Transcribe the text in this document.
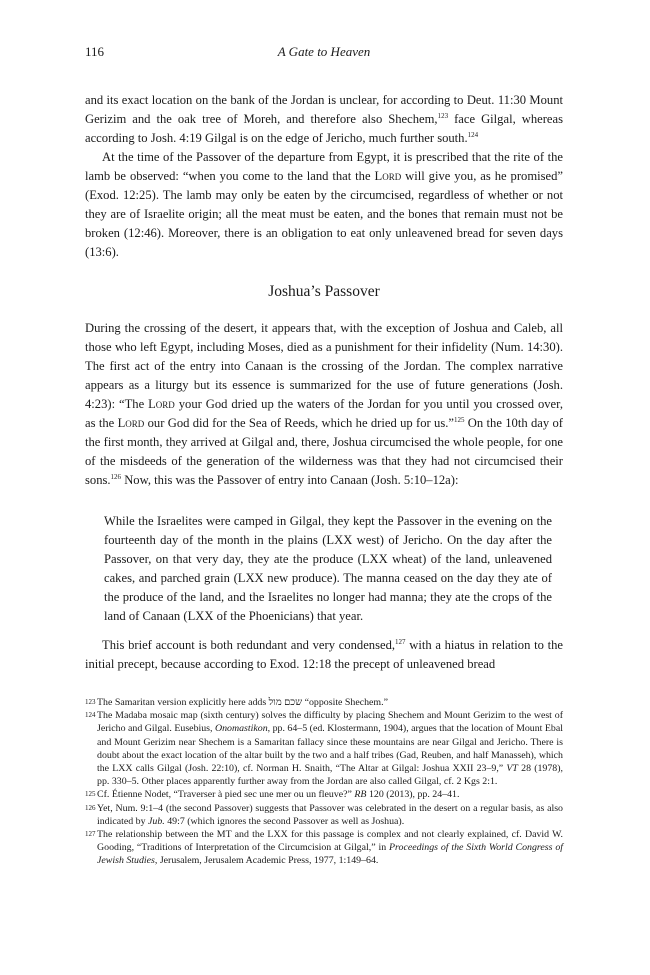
116	A Gate to Heaven

and its exact location on the bank of the Jordan is unclear, for according to Deut. 11:30 Mount Gerizim and the oak tree of Moreh, and therefore also Shechem,$^{123}$ face Gilgal, whereas according to Josh. 4:19 Gilgal is on the edge of Jericho, much further south.$^{124}$

At the time of the Passover of the departure from Egypt, it is prescribed that the rite of the lamb be observed: “when you come to the land that the Lord will give you, as he promised” (Exod. 12:25). The lamb may only be eaten by the circumcised, regardless of whether or not they are of Israelite origin; all the meat must be eaten, and the bones that remain must not be broken (12:46). Moreover, there is an obligation to eat only unleavened bread for seven days (13:6).

Joshua’s Passover

During the crossing of the desert, it appears that, with the exception of Joshua and Caleb, all those who left Egypt, including Moses, died as a punishment for their infidelity (Num. 14:30). The first act of the entry into Canaan is the crossing of the Jordan. The complex narrative appears as a liturgy but its essence is summarized for the use of future generations (Josh. 4:23): “The Lord your God dried up the waters of the Jordan for you until you crossed over, as the Lord our God did for the Sea of Reeds, which he dried up for us.”$^{125}$ On the 10th day of the first month, they arrived at Gilgal and, there, Joshua circumcised the whole people, for one of the misdeeds of the generation of the wilderness was that they had not circumcised their sons.$^{126}$ Now, this was the Passover of entry into Canaan (Josh. 5:10–12a):

While the Israelites were camped in Gilgal, they kept the Passover in the evening on the fourteenth day of the month in the plains (LXX west) of Jericho. On the day after the Passover, on that very day, they ate the produce (LXX wheat) of the land, unleavened cakes, and parched grain (LXX new produce). The manna ceased on the day they ate of the produce of the land, and the Israelites no longer had manna; they ate the crops of the land of Canaan (LXX of the Phoenicians) that year.

This brief account is both redundant and very condensed,$^{127}$ with a hiatus in relation to the initial precept, because according to Exod. 12:18 the precept of unleavened bread

123 The Samaritan version explicitly here adds שכם מול “opposite Shechem.”
124 The Madaba mosaic map (sixth century) solves the difficulty by placing Shechem and Mount Gerizim to the west of Jericho and Gilgal. Eusebius, Onomastikon, pp. 64–5 (ed. Klostermann, 1904), argues that the location of Mount Ebal and Mount Gerizim near Shechem is a Samaritan fallacy since these mountains are near Gilgal and Jericho. There is doubt about the exact location of the altar built by the two and a half tribes (Gad, Reuben, and half Manasseh), which the LXX calls Gilgal (Josh. 22:10), cf. Norman H. Snaith, “The Altar at Gilgal: Joshua XXII 23–9,” VT 28 (1978), pp. 330–5. Other places apparently further away from the Jordan are also called Gilgal, cf. 2 Kgs 2:1.
125 Cf. Étienne Nodet, “Traverser à pied sec une mer ou un fleuve?” RB 120 (2013), pp. 24–41.
126 Yet, Num. 9:1–4 (the second Passover) suggests that Passover was celebrated in the desert on a regular basis, as also indicated by Jub. 49:7 (which ignores the second Passover as well as Joshua).
127 The relationship between the MT and the LXX for this passage is complex and not clearly explained, cf. David W. Gooding, “Traditions of Interpretation of the Circumcision at Gilgal,” in Proceedings of the Sixth World Congress of Jewish Studies, Jerusalem, Jerusalem Academic Press, 1977, 1:149–64.
